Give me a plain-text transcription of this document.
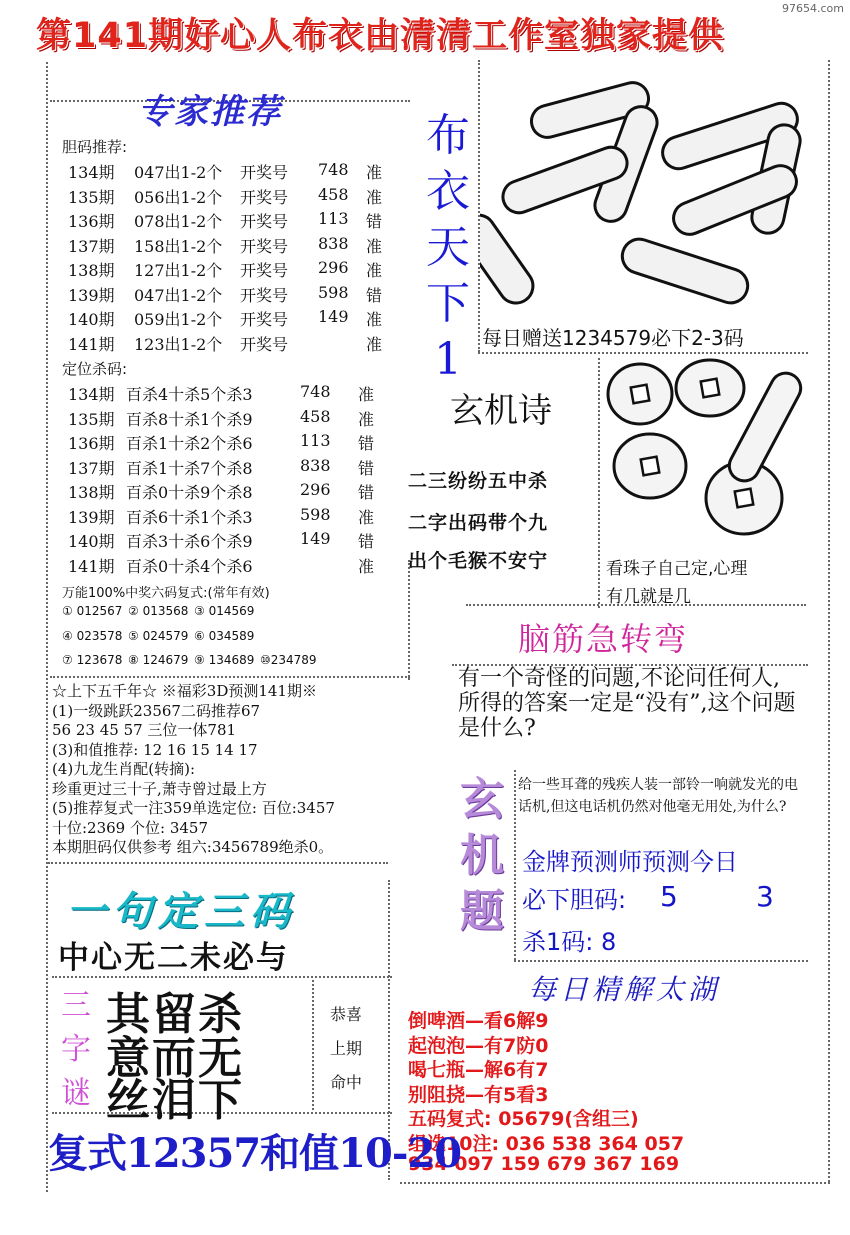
第141期好心人布衣由清清工作室独家提供
97654.com
专家推荐
胆码推荐:
134期 047出1-2个 开奖号 748 准
135期 056出1-2个 开奖号 458 准
136期 078出1-2个 开奖号 113 错
137期 158出1-2个 开奖号 838 准
138期 127出1-2个 开奖号 296 准
139期 047出1-2个 开奖号 598 错
140期 059出1-2个 开奖号 149 准
141期 123出1-2个 开奖号	准
定位杀码:
134期 百杀4十杀5个杀3	748 准
135期 百杀8十杀1个杀9	458 准
136期 百杀1十杀2个杀6	113 错
137期 百杀1十杀7个杀8	838 错
138期 百杀0十杀9个杀8	296 错
139期 百杀6十杀1个杀3	598 准
140期 百杀3十杀6个杀9	149 错
141期 百杀0十杀4个杀6	准
万能100%中奖六码复式:(常年有效)
① 012567 ② 013568 ③ 014569
④ 023578 ⑤ 024579 ⑥ 034589
⑦ 123678 ⑧ 124679 ⑨ 134689 ⑩234789
布
衣
天
下
1	每日赠送1234579必下2-3码
玄机诗
二三纷纷五中杀
二字出码带个九
出个毛猴不安宁	看珠子自己定,心理
有几就是几
脑筋急转弯
有一个奇怪的问题,不论问任何人,所得的答案一定是“没有”,这个问题是什么?
玄
机
题
给一些耳聋的残疾人装一部铃一响就发光的电话机,但这电话机仍然对他毫无用处,为什么?
金牌预测师预测今日
必下胆码: 5	3
杀1码: 8
每日精解太湖
倒啤酒—看6解9
起泡泡—有7防0
喝七瓶—解6有7
别阻挠—有5看3
五码复式: 05679(含组三)
组选10注: 036 538 364 057
934 097 159 679 367 169
☆上下五千年☆ ※福彩3D预测141期※
(1)一级跳跃23567二码推荐67
56 23 45 57 三位一体781
(3)和值推荐: 12 16 15 14 17
(4)九龙生肖配(转摘):
珍重更过三十子,萧寺曾过最上方
(5)推荐复式一注359单选定位: 百位:3457
十位:2369 个位: 3457
本期胆码仅供参考 组六:3456789绝杀0。
一句定三码
中心无二未必与
三
字
谜
其留杀
意而无
丝泪下
恭喜
上期
命中
复式12357和值10-20
